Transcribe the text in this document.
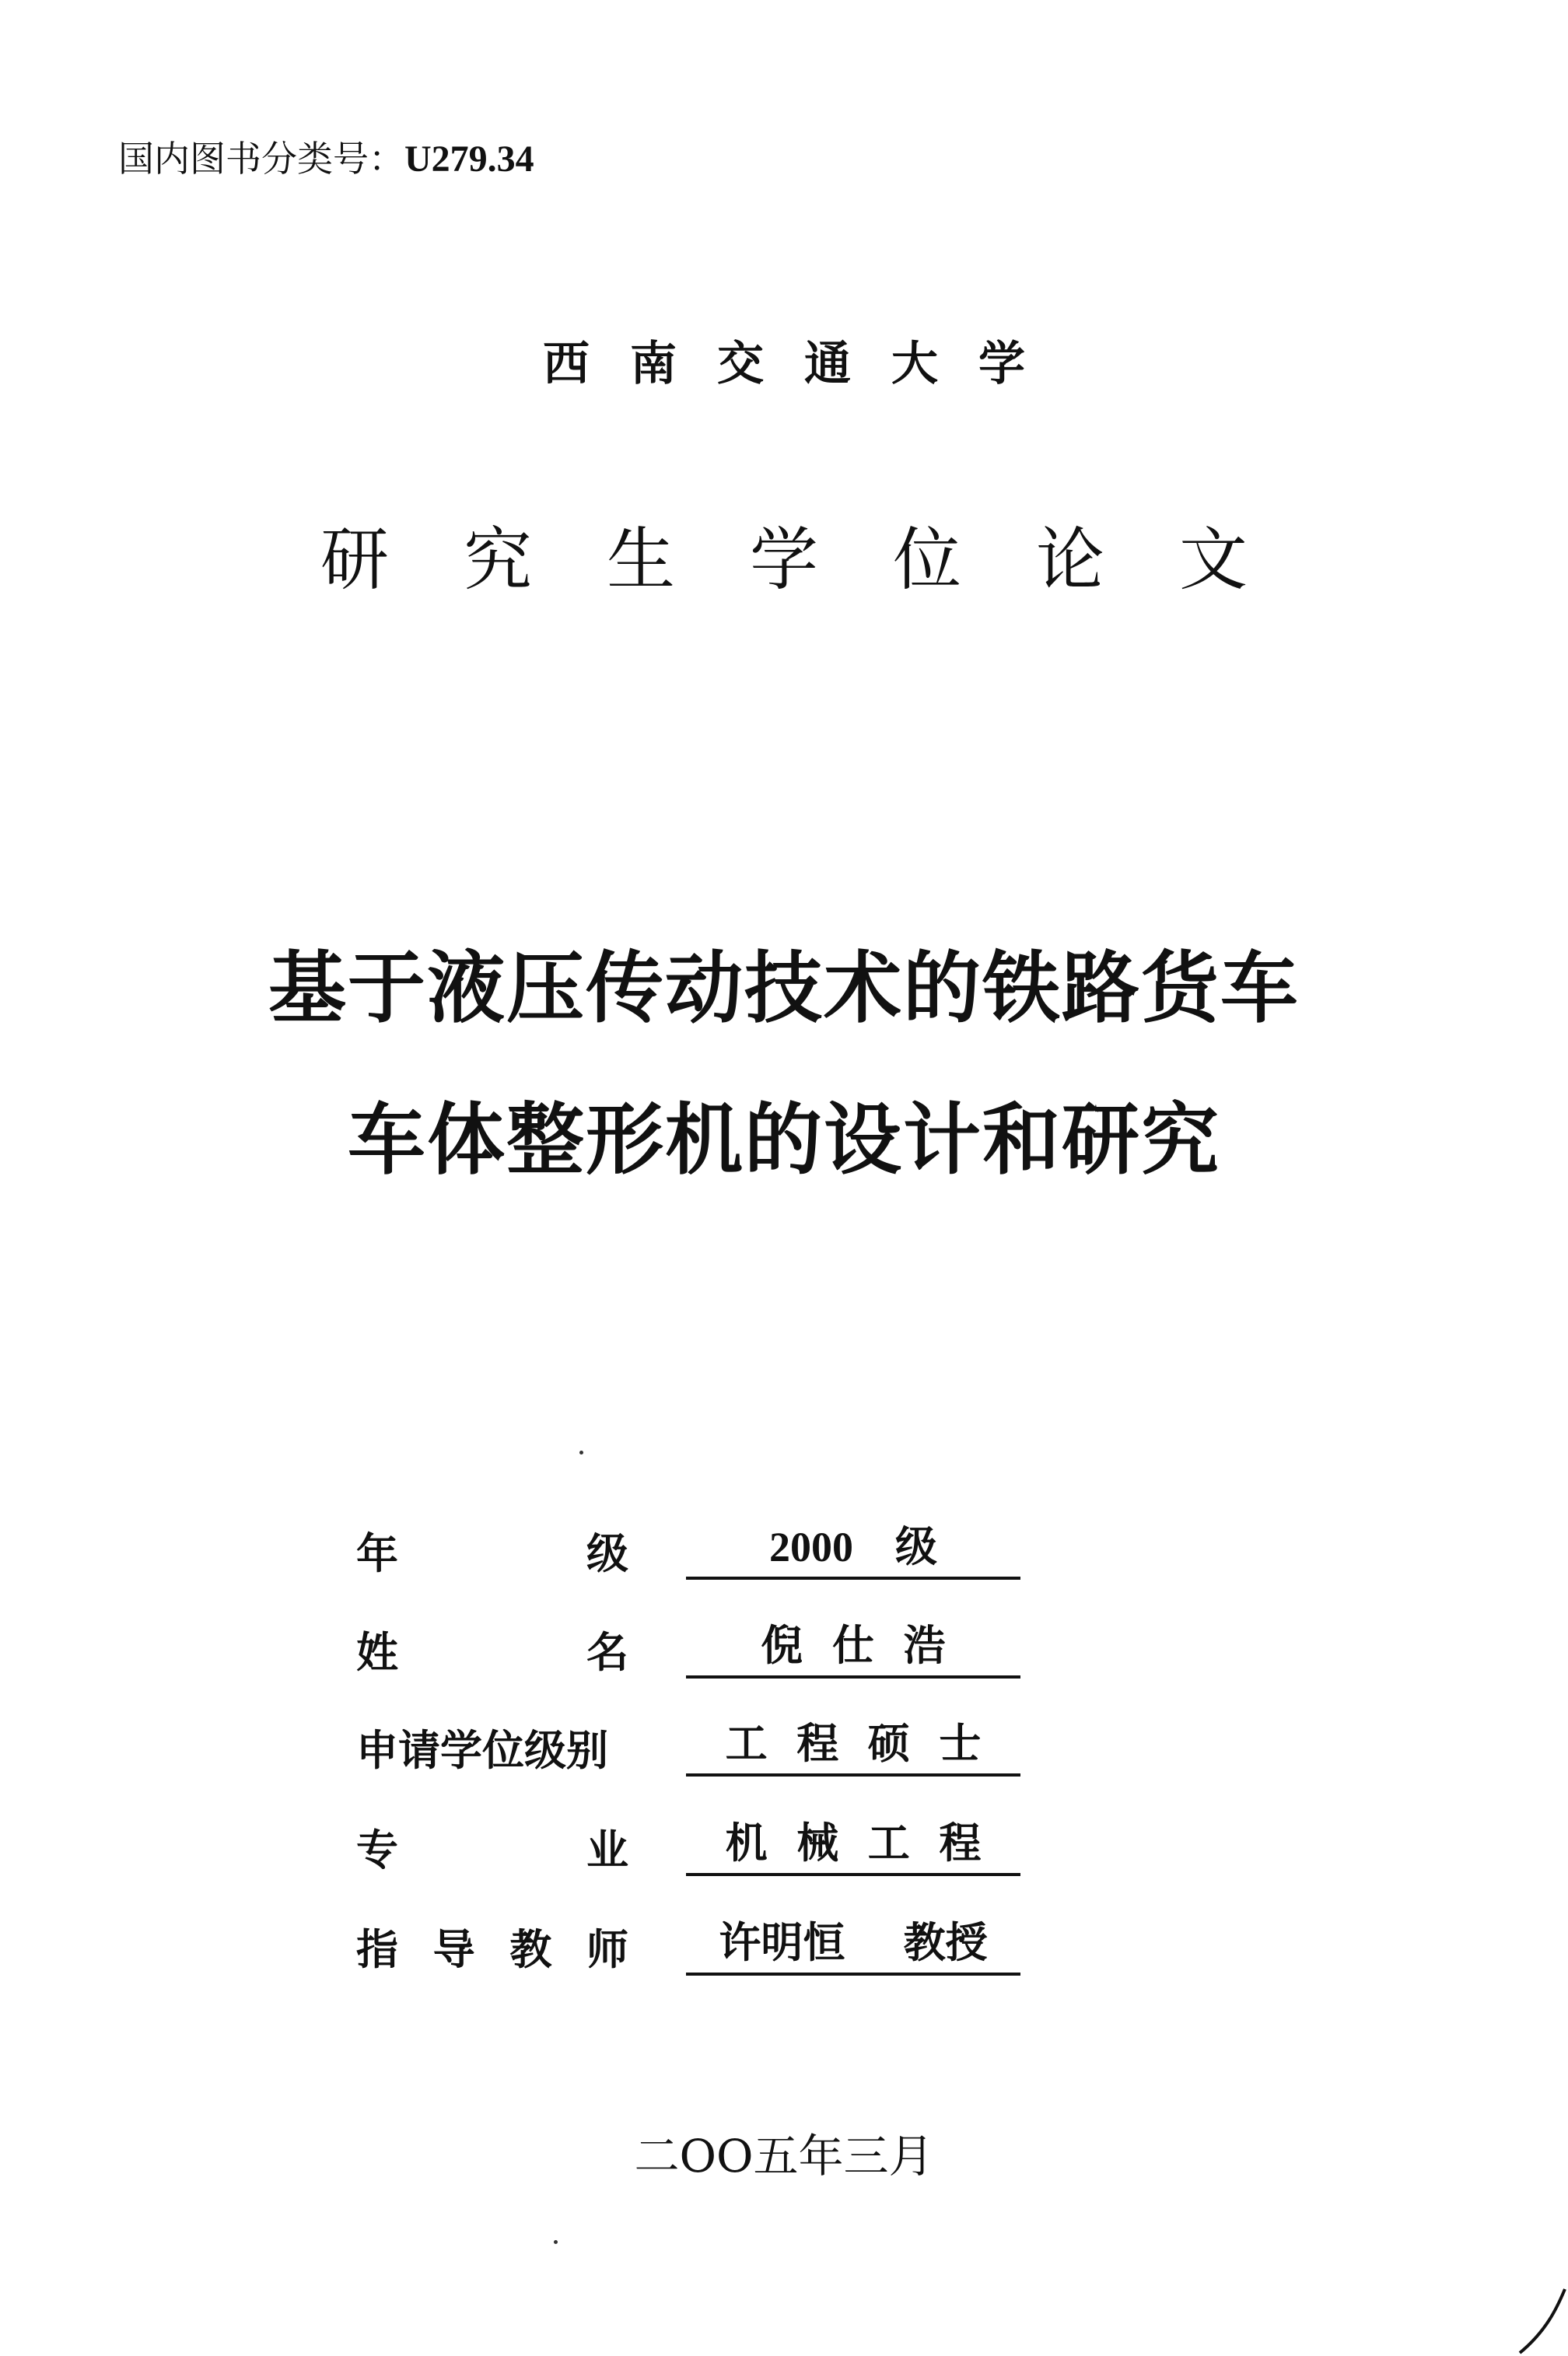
国内图书分类号：U279.34
西南交通大学
研究生学位论文
基于液压传动技术的铁路货车
车体整形机的设计和研究
年	级	2000    级
姓	名	倪  仕  浩
申请学位级别	工  程  硕  士
专	业	机  械  工  程
指 导 教 师	许明恒    教授
二OO五年三月
